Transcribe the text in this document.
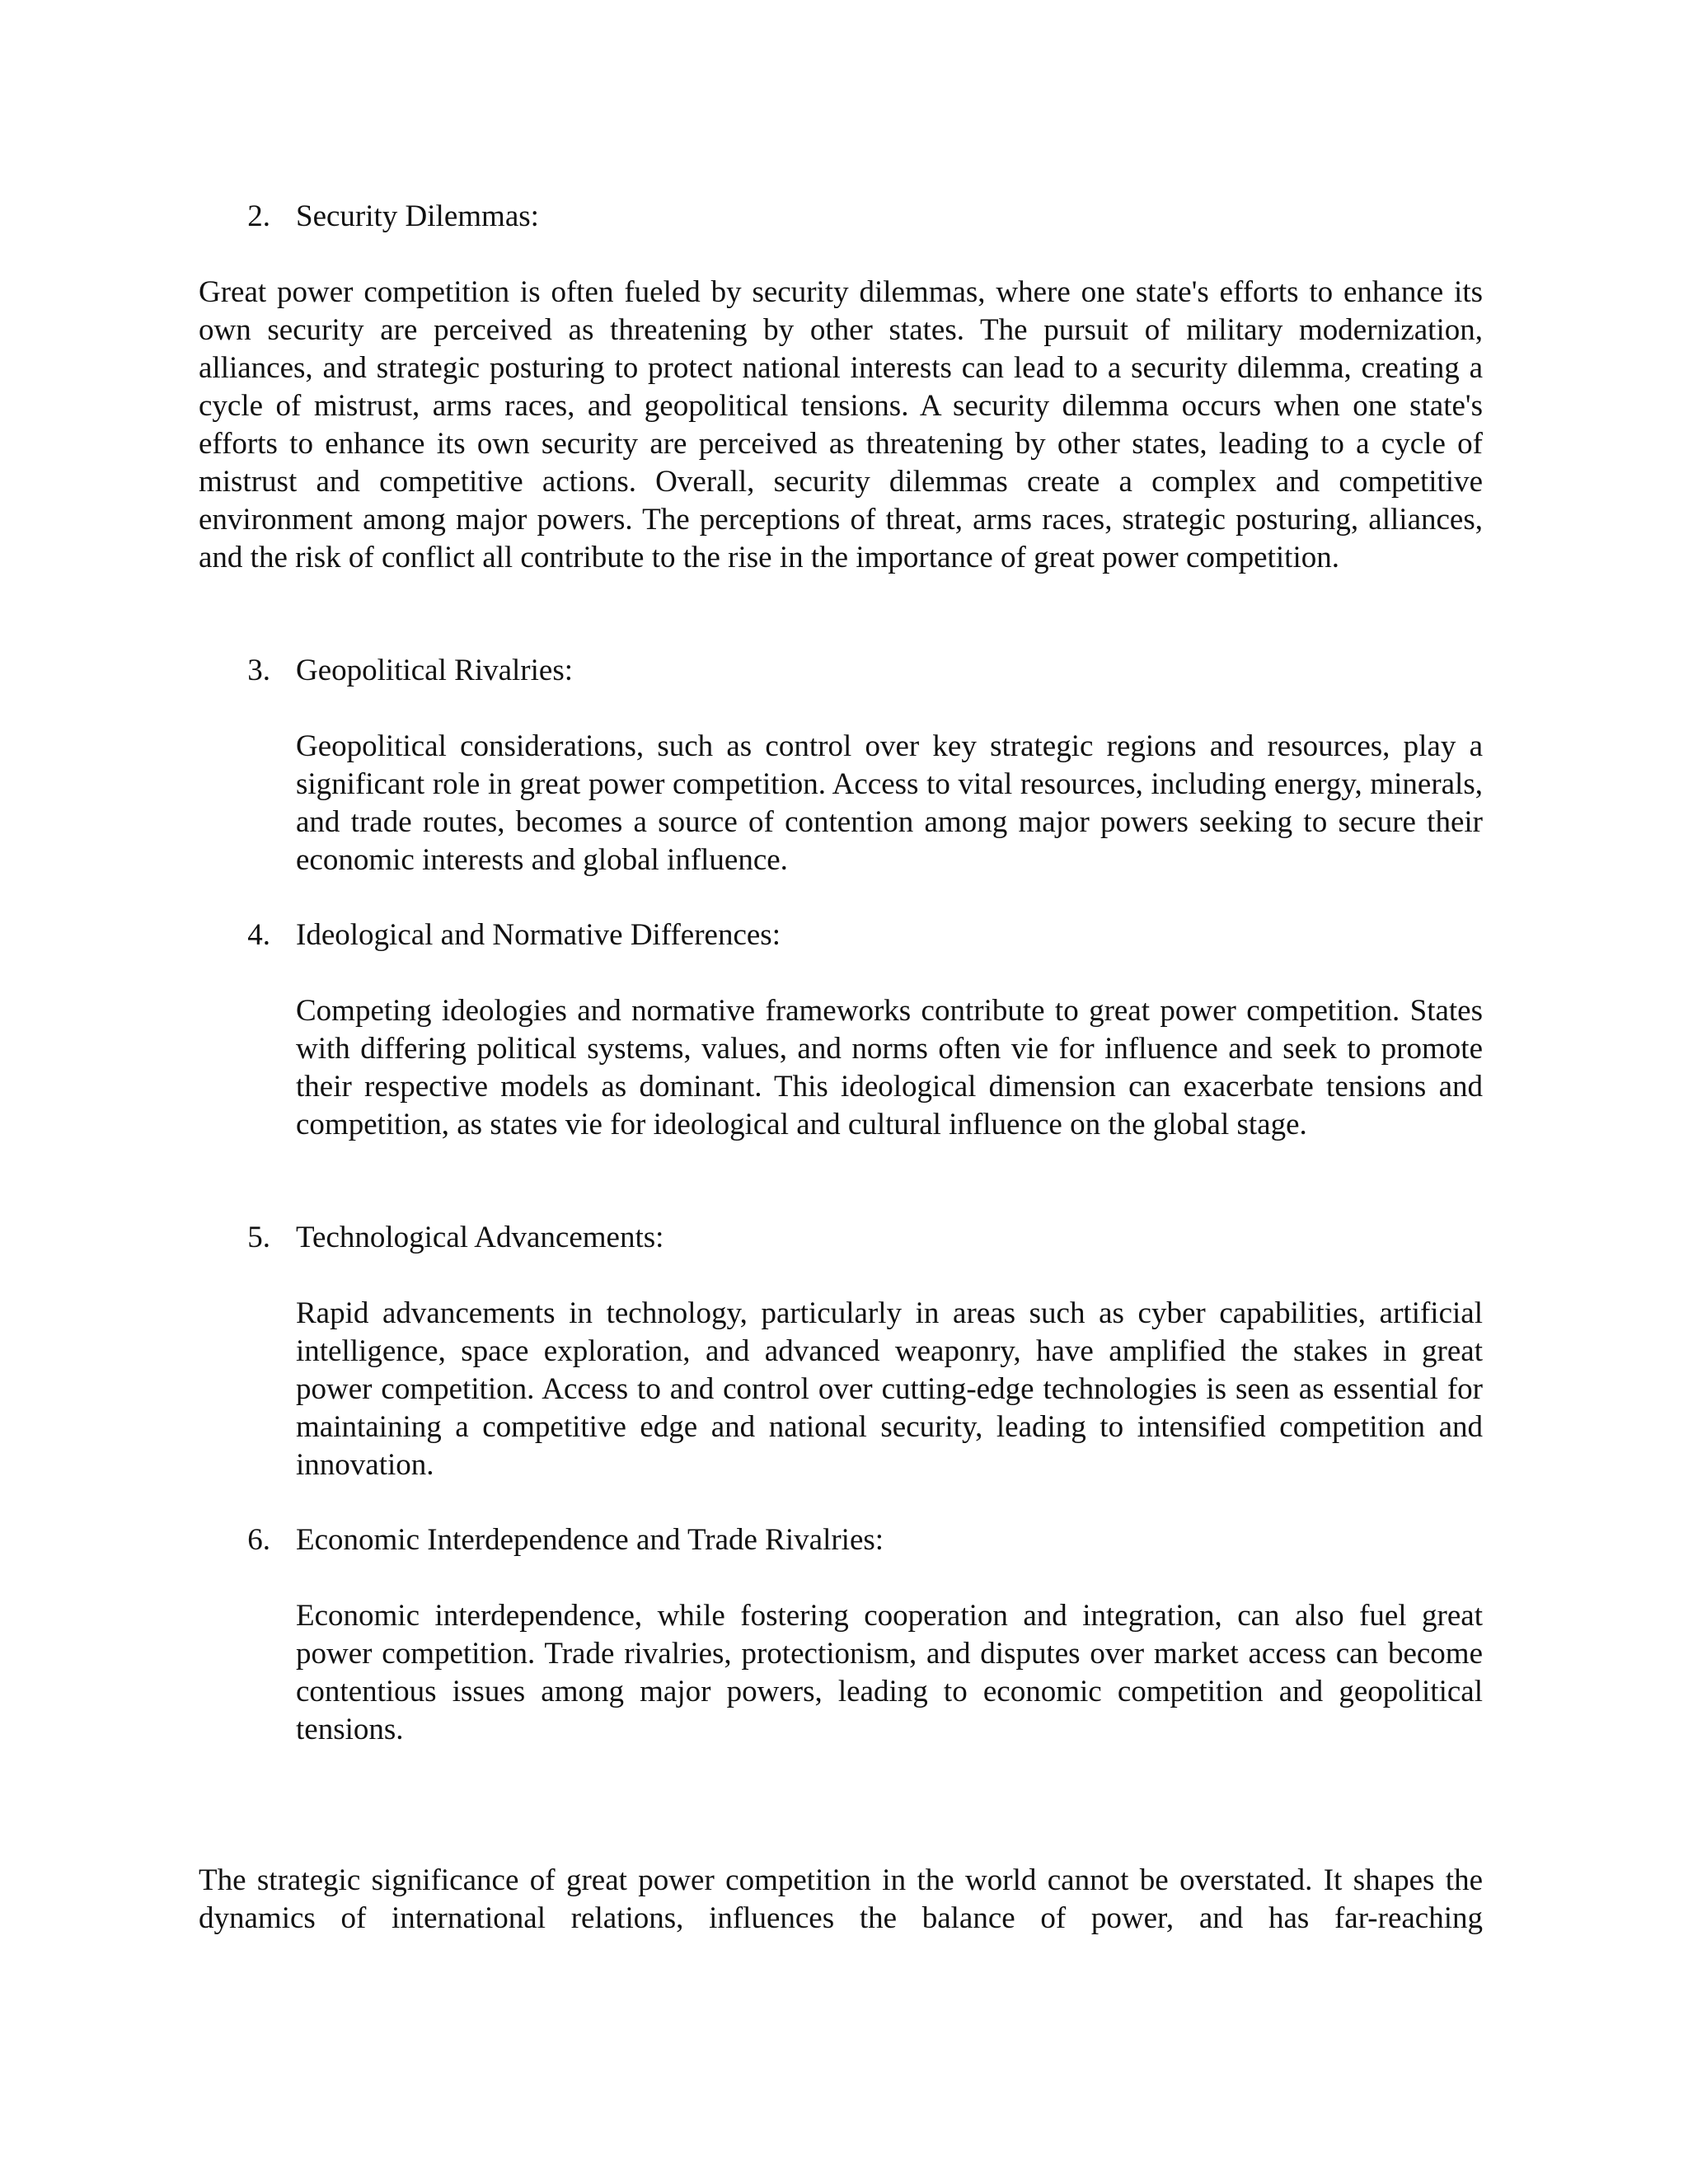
2. Security Dilemmas:

Great power competition is often fueled by security dilemmas, where one state's efforts to enhance its own security are perceived as threatening by other states. The pursuit of military modernization, alliances, and strategic posturing to protect national interests can lead to a security dilemma, creating a cycle of mistrust, arms races, and geopolitical tensions. A security dilemma occurs when one state's efforts to enhance its own security are perceived as threatening by other states, leading to a cycle of mistrust and competitive actions. Overall, security dilemmas create a complex and competitive environment among major powers. The perceptions of threat, arms races, strategic posturing, alliances, and the risk of conflict all contribute to the rise in the importance of great power competition.

3. Geopolitical Rivalries:

Geopolitical considerations, such as control over key strategic regions and resources, play a significant role in great power competition. Access to vital resources, including energy, minerals, and trade routes, becomes a source of contention among major powers seeking to secure their economic interests and global influence.

4. Ideological and Normative Differences:

Competing ideologies and normative frameworks contribute to great power competition. States with differing political systems, values, and norms often vie for influence and seek to promote their respective models as dominant. This ideological dimension can exacerbate tensions and competition, as states vie for ideological and cultural influence on the global stage.

5. Technological Advancements:

Rapid advancements in technology, particularly in areas such as cyber capabilities, artificial intelligence, space exploration, and advanced weaponry, have amplified the stakes in great power competition. Access to and control over cutting-edge technologies is seen as essential for maintaining a competitive edge and national security, leading to intensified competition and innovation.

6. Economic Interdependence and Trade Rivalries:

Economic interdependence, while fostering cooperation and integration, can also fuel great power competition. Trade rivalries, protectionism, and disputes over market access can become contentious issues among major powers, leading to economic competition and geopolitical tensions.

The strategic significance of great power competition in the world cannot be overstated. It shapes the dynamics of international relations, influences the balance of power, and has far-reaching
